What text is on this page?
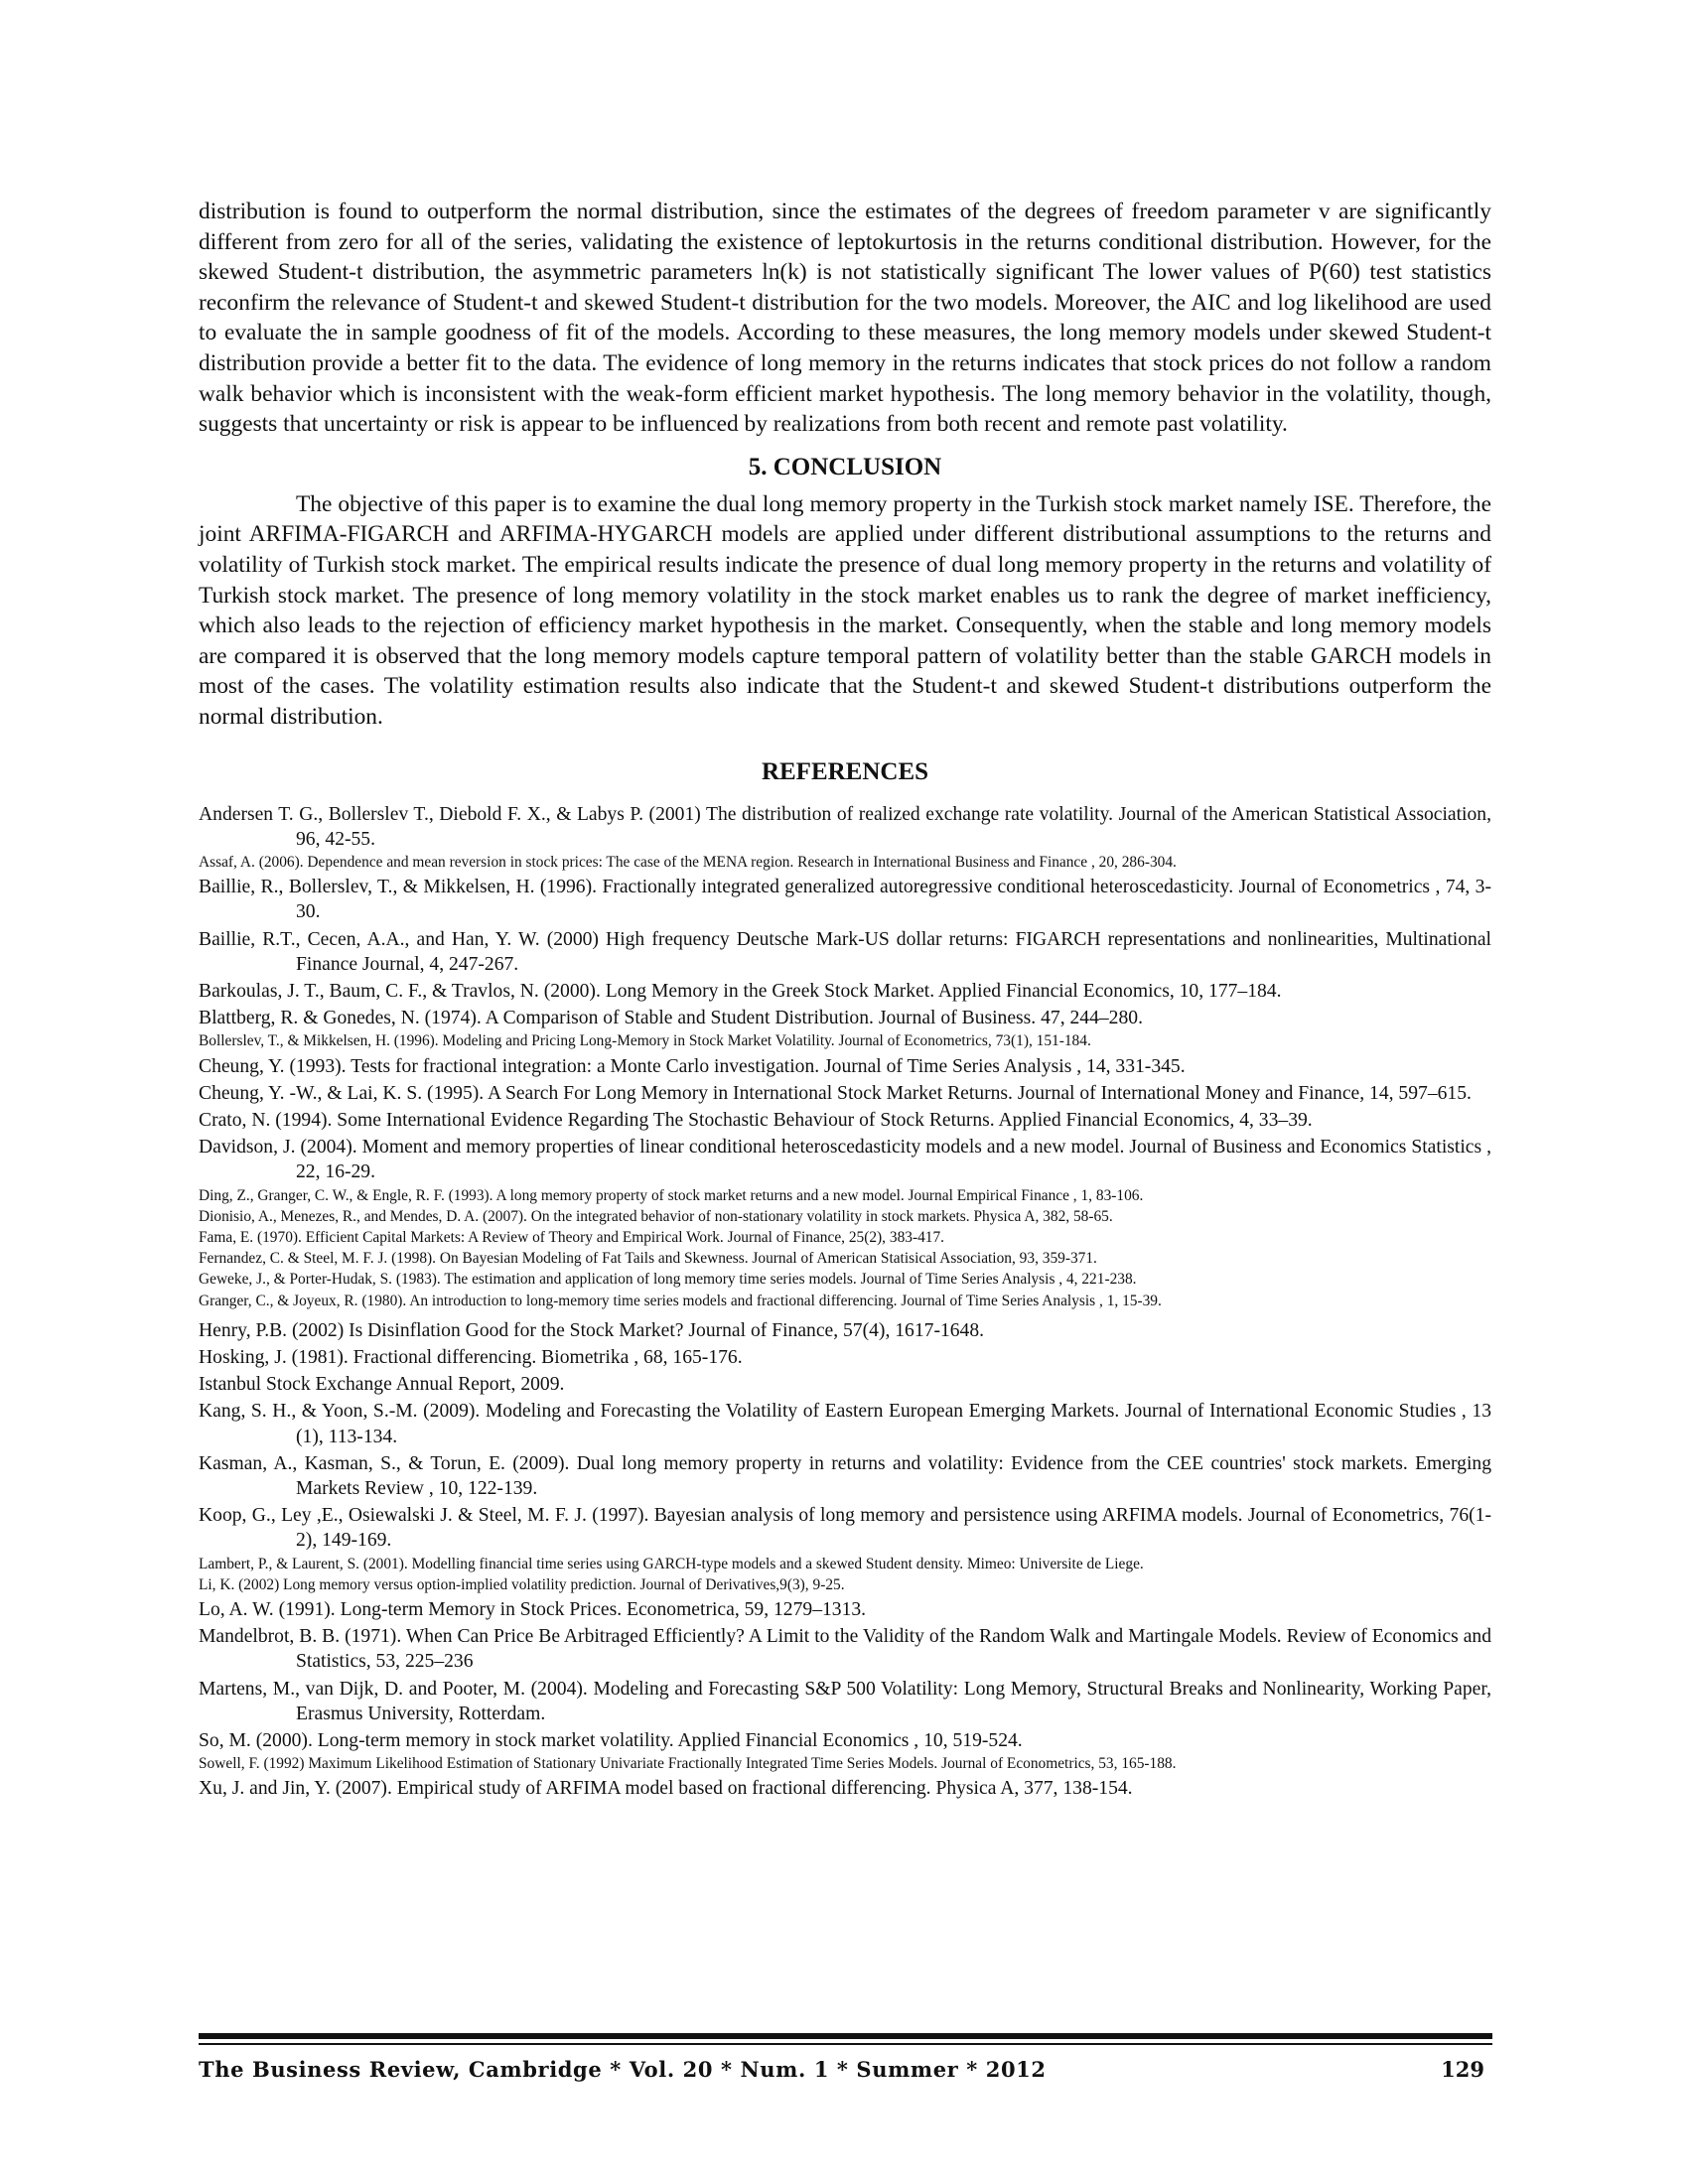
distribution is found to outperform the normal distribution, since the estimates of the degrees of freedom parameter v are significantly different from zero for all of the series, validating the existence of leptokurtosis in the returns conditional distribution. However, for the skewed Student-t distribution, the asymmetric parameters ln(k) is not statistically significant The lower values of P(60) test statistics reconfirm the relevance of Student-t and skewed Student-t distribution for the two models. Moreover, the AIC and log likelihood are used to evaluate the in sample goodness of fit of the models. According to these measures, the long memory models under skewed Student-t distribution provide a better fit to the data. The evidence of long memory in the returns indicates that stock prices do not follow a random walk behavior which is inconsistent with the weak-form efficient market hypothesis. The long memory behavior in the volatility, though, suggests that uncertainty or risk is appear to be influenced by realizations from both recent and remote past volatility.

5. CONCLUSION

The objective of this paper is to examine the dual long memory property in the Turkish stock market namely ISE. Therefore, the joint ARFIMA-FIGARCH and ARFIMA-HYGARCH models are applied under different distributional assumptions to the returns and volatility of Turkish stock market. The empirical results indicate the presence of dual long memory property in the returns and volatility of Turkish stock market. The presence of long memory volatility in the stock market enables us to rank the degree of market inefficiency, which also leads to the rejection of efficiency market hypothesis in the market. Consequently, when the stable and long memory models are compared it is observed that the long memory models capture temporal pattern of volatility better than the stable GARCH models in most of the cases. The volatility estimation results also indicate that the Student-t and skewed Student-t distributions outperform the normal distribution.

REFERENCES
Andersen T. G., Bollerslev T., Diebold F. X., & Labys P. (2001) The distribution of realized exchange rate volatility. Journal of the American Statistical Association, 96, 42-55.
Assaf, A. (2006). Dependence and mean reversion in stock prices: The case of the MENA region. Research in International Business and Finance , 20, 286-304.
Baillie, R., Bollerslev, T., & Mikkelsen, H. (1996). Fractionally integrated generalized autoregressive conditional heteroscedasticity. Journal of Econometrics , 74, 3-30.
Baillie, R.T., Cecen, A.A., and Han, Y. W. (2000) High frequency Deutsche Mark-US dollar returns: FIGARCH representations and nonlinearities, Multinational Finance Journal, 4, 247-267.
Barkoulas, J. T., Baum, C. F., & Travlos, N. (2000). Long Memory in the Greek Stock Market. Applied Financial Economics, 10, 177–184.
Blattberg, R. & Gonedes, N. (1974). A Comparison of Stable and Student Distribution. Journal of Business. 47, 244–280.
Bollerslev, T., & Mikkelsen, H. (1996). Modeling and Pricing Long-Memory in Stock Market Volatility. Journal of Econometrics, 73(1), 151-184.
Cheung, Y. (1993). Tests for fractional integration: a Monte Carlo investigation. Journal of Time Series Analysis , 14, 331-345.
Cheung, Y. -W., & Lai, K. S. (1995). A Search For Long Memory in International Stock Market Returns. Journal of International Money and Finance, 14, 597–615.
Crato, N. (1994). Some International Evidence Regarding The Stochastic Behaviour of Stock Returns. Applied Financial Economics, 4, 33–39.
Davidson, J. (2004). Moment and memory properties of linear conditional heteroscedasticity models and a new model. Journal of Business and Economics Statistics , 22, 16-29.
Ding, Z., Granger, C. W., & Engle, R. F. (1993). A long memory property of stock market returns and a new model. Journal Empirical Finance , 1, 83-106.
Dionisio, A., Menezes, R., and Mendes, D. A. (2007). On the integrated behavior of non-stationary volatility in stock markets. Physica A, 382, 58-65.
Fama, E. (1970). Efficient Capital Markets: A Review of Theory and Empirical Work. Journal of Finance, 25(2), 383-417.
Fernandez, C. & Steel, M. F. J. (1998). On Bayesian Modeling of Fat Tails and Skewness. Journal of American Statisical Association, 93, 359-371.
Geweke, J., & Porter-Hudak, S. (1983). The estimation and application of long memory time series models. Journal of Time Series Analysis , 4, 221-238.
Granger, C., & Joyeux, R. (1980). An introduction to long-memory time series models and fractional differencing. Journal of Time Series Analysis , 1, 15-39.
Henry, P.B. (2002) Is Disinflation Good for the Stock Market? Journal of Finance, 57(4), 1617-1648.
Hosking, J. (1981). Fractional differencing. Biometrika , 68, 165-176.
Istanbul Stock Exchange Annual Report, 2009.
Kang, S. H., & Yoon, S.-M. (2009). Modeling and Forecasting the Volatility of Eastern European Emerging Markets. Journal of International Economic Studies , 13 (1), 113-134.
Kasman, A., Kasman, S., & Torun, E. (2009). Dual long memory property in returns and volatility: Evidence from the CEE countries' stock markets. Emerging Markets Review , 10, 122-139.
Koop, G., Ley ,E., Osiewalski J. & Steel, M. F. J. (1997). Bayesian analysis of long memory and persistence using ARFIMA models. Journal of Econometrics, 76(1-2), 149-169.
Lambert, P., & Laurent, S. (2001). Modelling financial time series using GARCH-type models and a skewed Student density. Mimeo: Universite de Liege.
Li, K. (2002) Long memory versus option-implied volatility prediction. Journal of Derivatives,9(3), 9-25.
Lo, A. W. (1991). Long-term Memory in Stock Prices. Econometrica, 59, 1279–1313.
Mandelbrot, B. B. (1971). When Can Price Be Arbitraged Efficiently? A Limit to the Validity of the Random Walk and Martingale Models. Review of Economics and Statistics, 53, 225–236
Martens, M., van Dijk, D. and Pooter, M. (2004). Modeling and Forecasting S&P 500 Volatility: Long Memory, Structural Breaks and Nonlinearity, Working Paper, Erasmus University, Rotterdam.
So, M. (2000). Long-term memory in stock market volatility. Applied Financial Economics , 10, 519-524.
Sowell, F. (1992) Maximum Likelihood Estimation of Stationary Univariate Fractionally Integrated Time Series Models. Journal of Econometrics, 53, 165-188.
Xu, J. and Jin, Y. (2007). Empirical study of ARFIMA model based on fractional differencing. Physica A, 377, 138-154.
The Business Review, Cambridge * Vol. 20 * Num. 1 * Summer * 2012	129
